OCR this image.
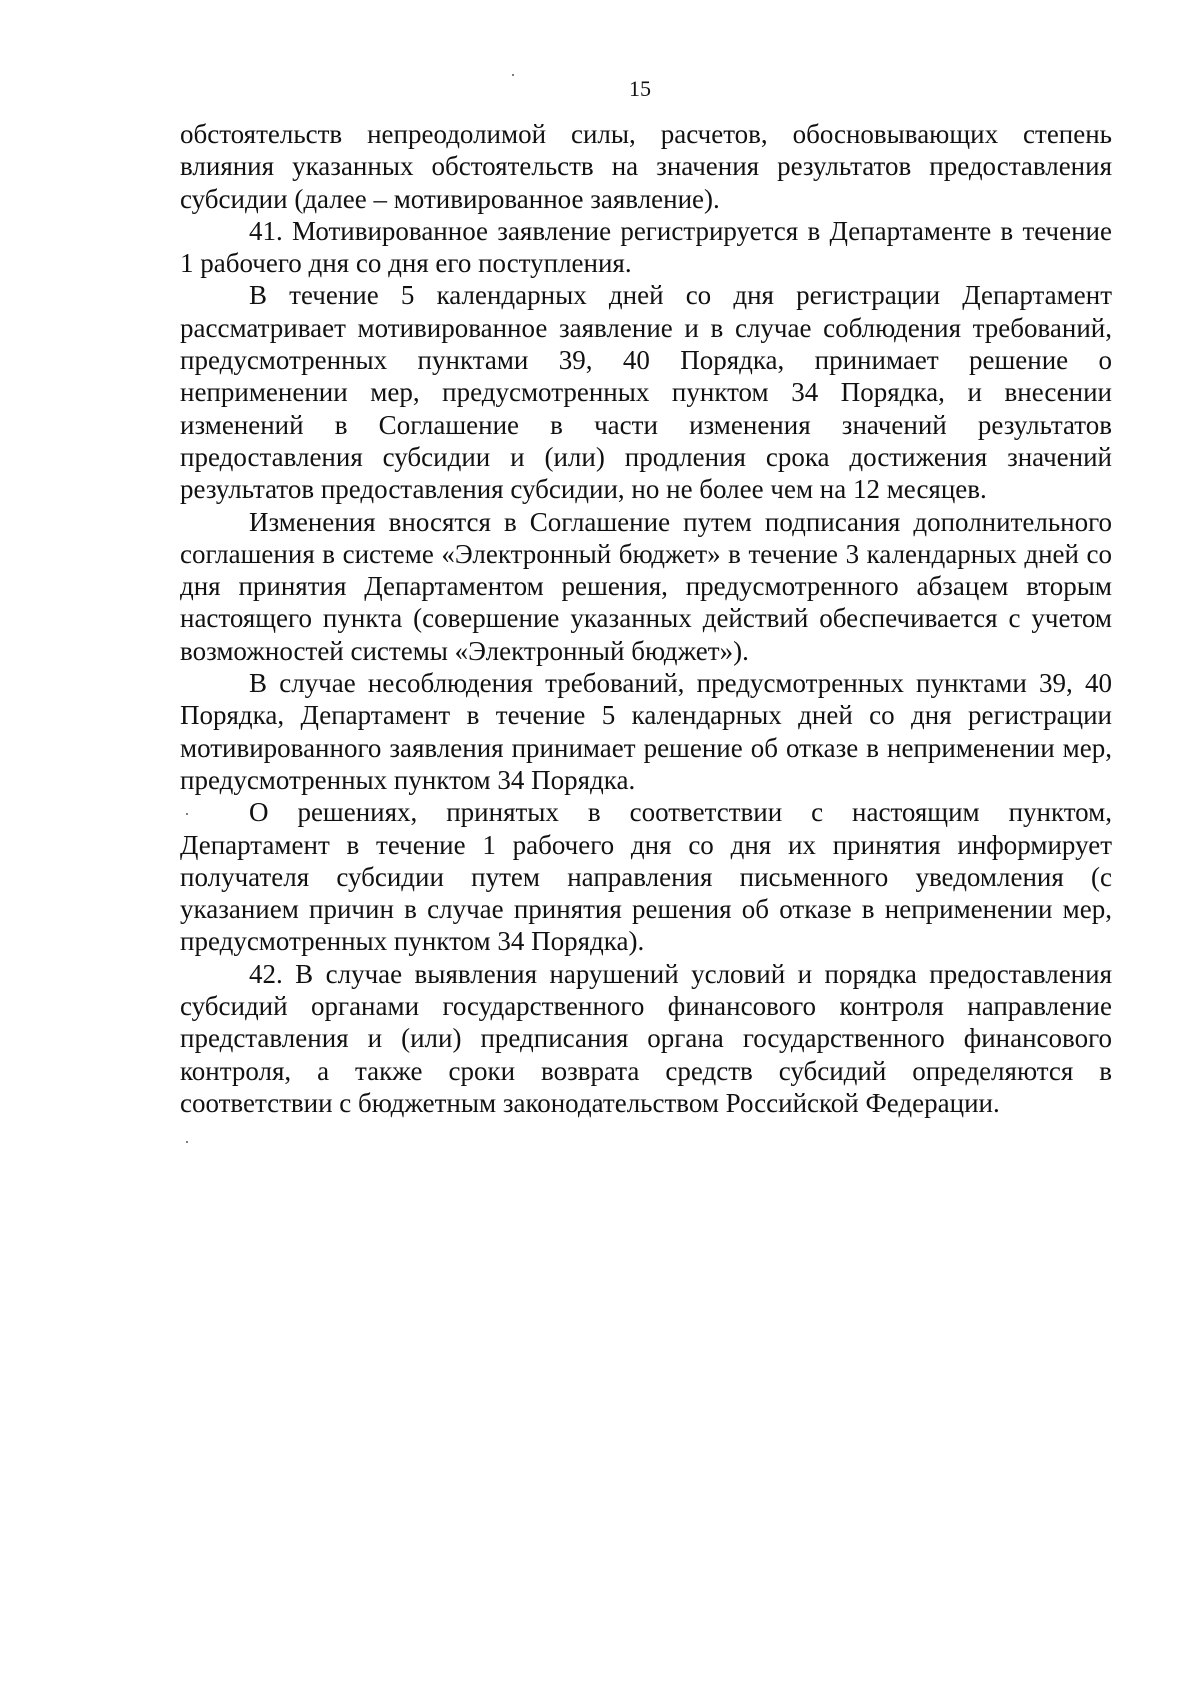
15

обстоятельств непреодолимой силы, расчетов, обосновывающих степень влияния указанных обстоятельств на значения результатов предоставления субсидии (далее – мотивированное заявление).

41. Мотивированное заявление регистрируется в Департаменте в течение 1 рабочего дня со дня его поступления.

В течение 5 календарных дней со дня регистрации Департамент рассматривает мотивированное заявление и в случае соблюдения требований, предусмотренных пунктами 39, 40 Порядка, принимает решение о неприменении мер, предусмотренных пунктом 34 Порядка, и внесении изменений в Соглашение в части изменения значений результатов предоставления субсидии и (или) продления срока достижения значений результатов предоставления субсидии, но не более чем на 12 месяцев.

Изменения вносятся в Соглашение путем подписания дополнительного соглашения в системе «Электронный бюджет» в течение 3 календарных дней со дня принятия Департаментом решения, предусмотренного абзацем вторым настоящего пункта (совершение указанных действий обеспечивается с учетом возможностей системы «Электронный бюджет»).

В случае несоблюдения требований, предусмотренных пунктами 39, 40 Порядка, Департамент в течение 5 календарных дней со дня регистрации мотивированного заявления принимает решение об отказе в неприменении мер, предусмотренных пунктом 34 Порядка.

О решениях, принятых в соответствии с настоящим пунктом, Департамент в течение 1 рабочего дня со дня их принятия информирует получателя субсидии путем направления письменного уведомления (с указанием причин в случае принятия решения об отказе в неприменении мер, предусмотренных пунктом 34 Порядка).

42. В случае выявления нарушений условий и порядка предоставления субсидий органами государственного финансового контроля направление представления и (или) предписания органа государственного финансового контроля, а также сроки возврата средств субсидий определяются в соответствии с бюджетным законодательством Российской Федерации.
